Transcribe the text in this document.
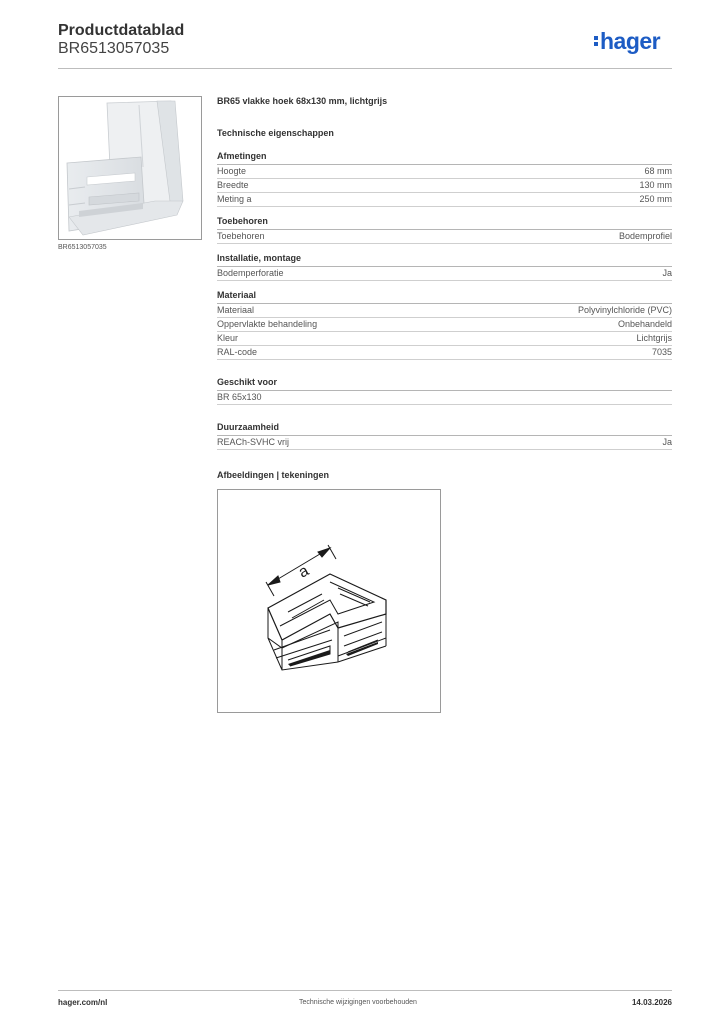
Productdatablad
BR6513057035	hager
BR6513057035
BR65 vlakke hoek 68x130 mm, lichtgrijs
Technische eigenschappen
Afmetingen
Hoogte	68 mm
Breedte	130 mm
Meting a	250 mm
Toebehoren
Toebehoren	Bodemprofiel
Installatie, montage
Bodemperforatie	Ja
Materiaal
Materiaal	Polyvinylchloride (PVC)
Oppervlakte behandeling	Onbehandeld
Kleur	Lichtgrijs
RAL-code	7035
Geschikt voor
BR 65x130
Duurzaamheid
REACh-SVHC vrij	Ja
Afbeeldingen | tekeningen
a
hager.com/nl	Technische wijzigingen voorbehouden	14.03.2026
